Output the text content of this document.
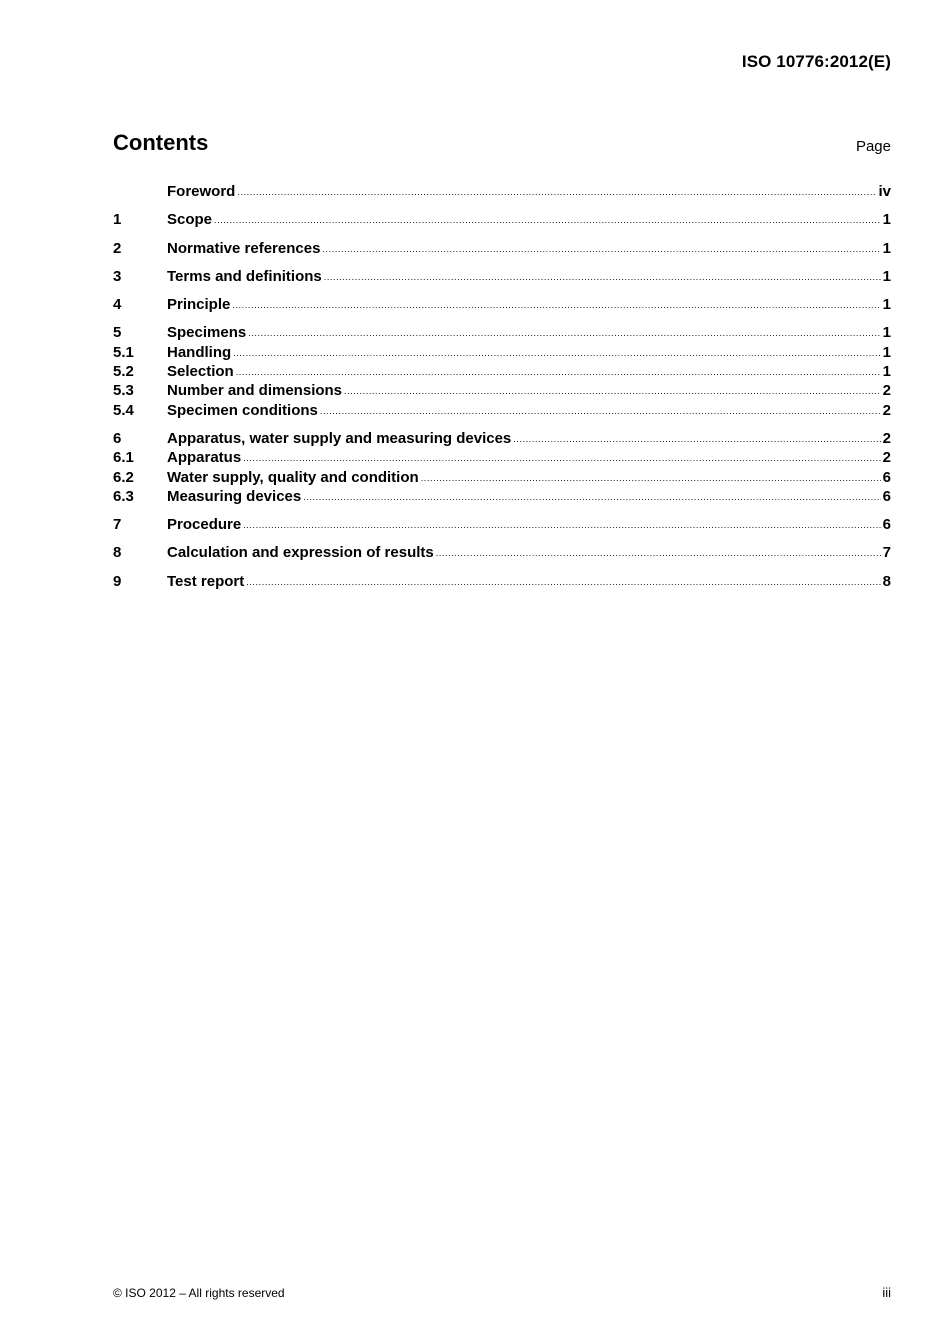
ISO 10776:2012(E)
Contents	Page
Foreword .....	iv
1	Scope .....	1
2	Normative references .....	1
3	Terms and definitions .....	1
4	Principle .....	1
5	Specimens .....	1
5.1	Handling .....	1
5.2	Selection .....	1
5.3	Number and dimensions .....	2
5.4	Specimen conditions .....	2
6	Apparatus, water supply and measuring devices .....	2
6.1	Apparatus .....	2
6.2	Water supply, quality and condition .....	6
6.3	Measuring devices .....	6
7	Procedure .....	6
8	Calculation and expression of results .....	7
9	Test report .....	8
© ISO 2012 – All rights reserved	iii
